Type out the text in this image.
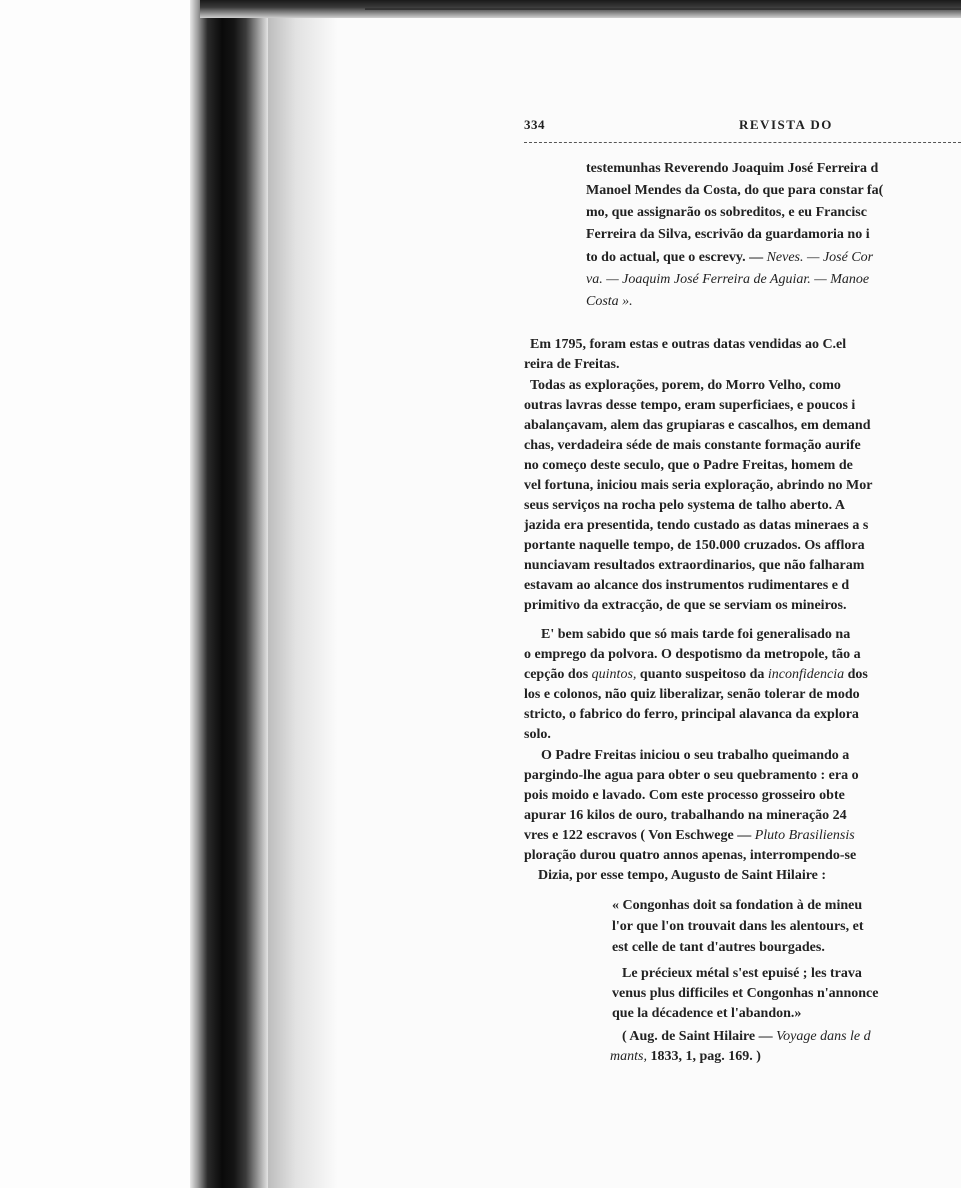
334	REVISTA DO
testemunhas Reverendo Joaquim José Ferreira d
Manoel Mendes da Costa, do que para constar fa(
mo, que assignarão os sobreditos, e eu Francisc
Ferreira da Silva, escrivão da guardamoria no i
to do actual, que o escrevy. — Neves. — José Cor
va. — Joaquim José Ferreira de Aguiar. — Manoe
Costa ».
Em 1795, foram estas e outras datas vendidas ao C.el
reira de Freitas.
Todas as explorações, porem, do Morro Velho, como
outras lavras desse tempo, eram superficiaes, e poucos i
abalançavam, alem das grupiaras e cascalhos, em demand
chas, verdadeira séde de mais constante formação aurife
no começo deste seculo, que o Padre Freitas, homem de
vel fortuna, iniciou mais seria exploração, abrindo no Mor
seus serviços na rocha pelo systema de talho aberto. A
jazida era presentida, tendo custado as datas mineraes a s
portante naquelle tempo, de 150.000 cruzados. Os afflora
nunciavam resultados extraordinarios, que não falharam
estavam ao alcance dos instrumentos rudimentares e d
primitivo da extracção, de que se serviam os mineiros.
E' bem sabido que só mais tarde foi generalisado na
o emprego da polvora. O despotismo da metropole, tão a
cepção dos quintos, quanto suspeitoso da inconfidencia dos
los e colonos, não quiz liberalizar, senão tolerar de modo
stricto, o fabrico do ferro, principal alavanca da explora
solo.
O Padre Freitas iniciou o seu trabalho queimando a
pargindo-lhe agua para obter o seu quebramento : era o
pois moido e lavado. Com este processo grosseiro obte
apurar 16 kilos de ouro, trabalhando na mineração 24
vres e 122 escravos ( Von Eschwege — Pluto Brasiliensis
ploração durou quatro annos apenas, interrompendo-se
Dizia, por esse tempo, Augusto de Saint Hilaire :
« Congonhas doit sa fondation à de mineu
l'or que l'on trouvait dans les alentours, et
est celle de tant d'autres bourgades.
Le précieux métal s'est epuisé ; les trava
venus plus difficiles et Congonhas n'annonce
que la décadence et l'abandon.»
( Aug. de Saint Hilaire — Voyage dans le d
mants, 1833, 1, pag. 169. )
